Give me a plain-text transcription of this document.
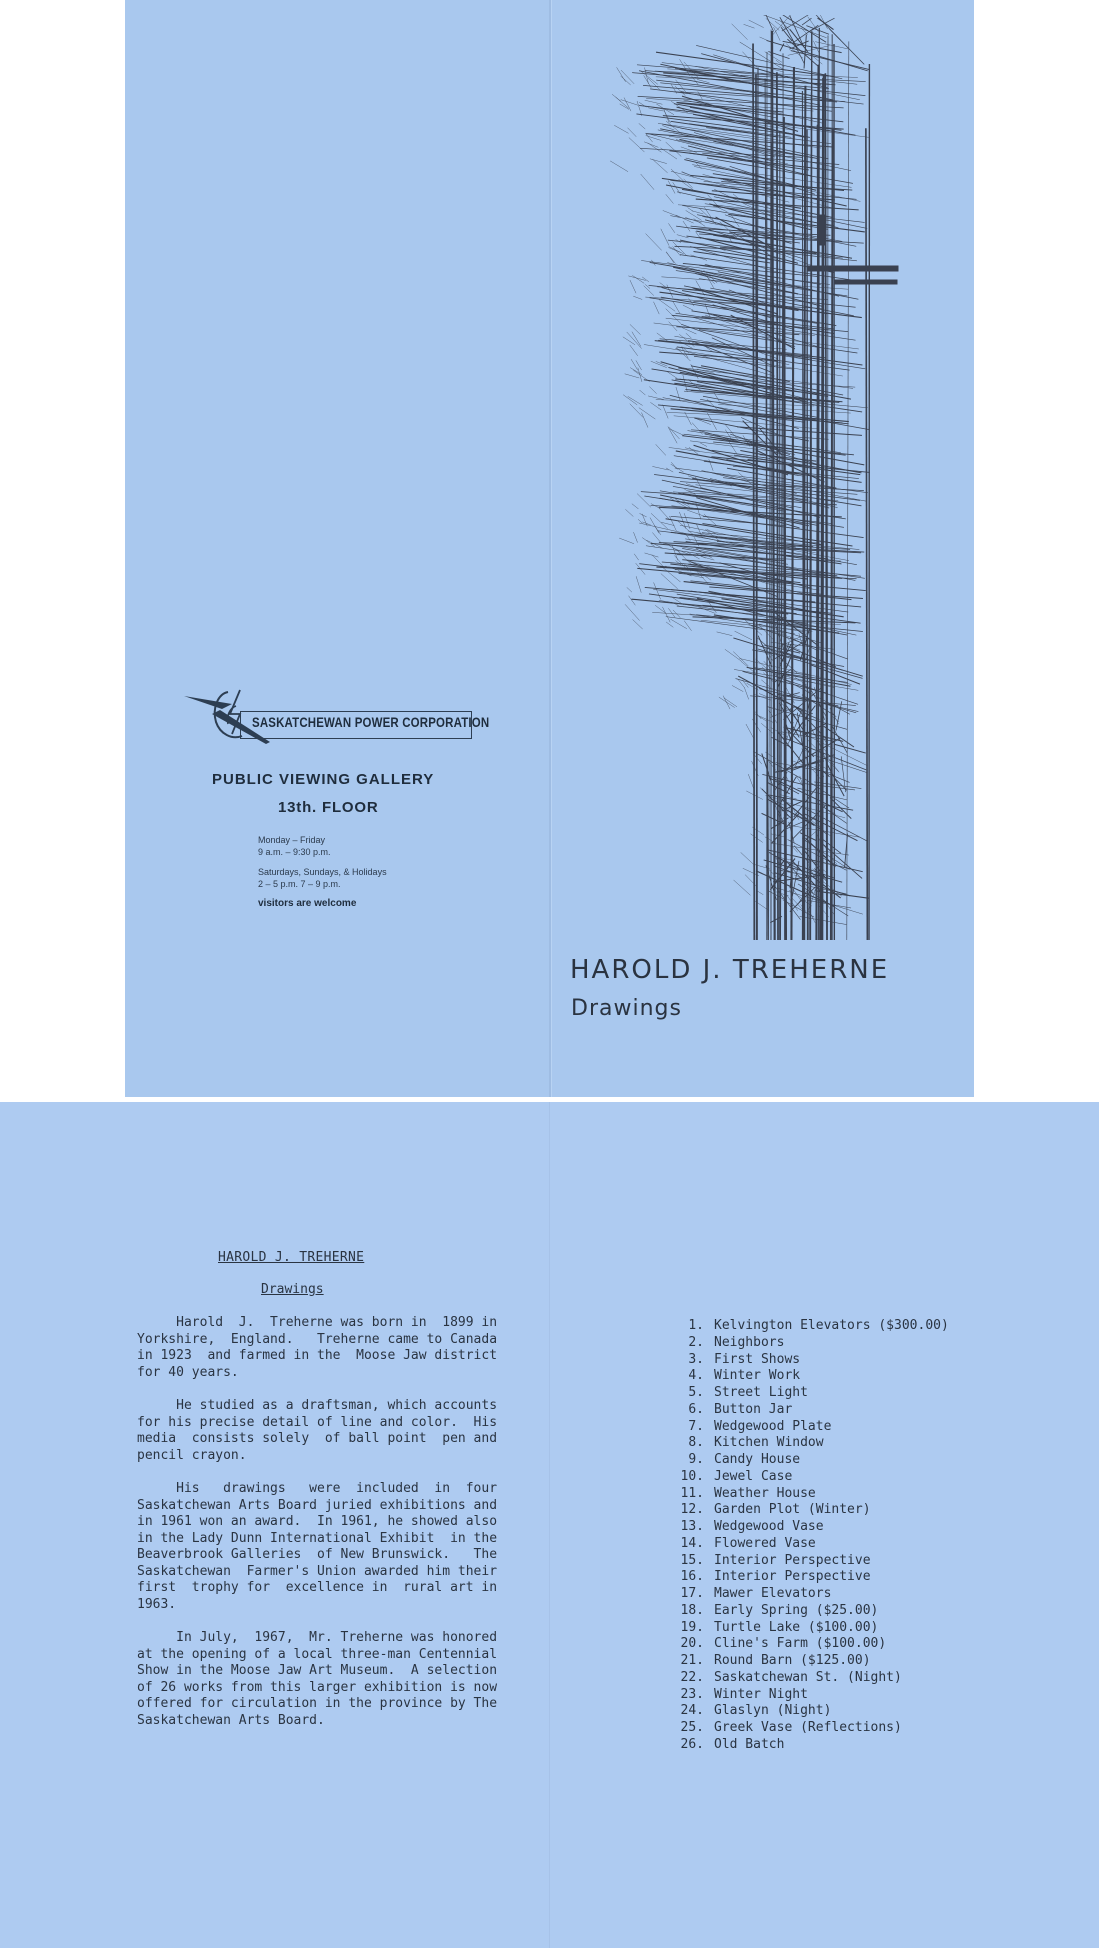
SASKATCHEWAN POWER CORPORATION
PUBLIC VIEWING GALLERY
13th. FLOOR
Monday – Friday
9 a.m. – 9:30 p.m.
Saturdays, Sundays, & Holidays
2 – 5 p.m. 7 – 9 p.m.
visitors are welcome
HAROLD J. TREHERNE
Drawings
HAROLD J. TREHERNE
Drawings

Harold  J.  Treherne was born in  1899 in
Yorkshire,  England.   Treherne came to Canada
in 1923  and farmed in the  Moose Jaw district
for 40 years.

He studied as a draftsman, which accounts
for his precise detail of line and color.  His
media  consists solely  of ball point  pen and
pencil crayon.

His   drawings   were  included  in  four
Saskatchewan Arts Board juried exhibitions and
in 1961 won an award.  In 1961, he showed also
in the Lady Dunn International Exhibit  in the
Beaverbrook Galleries  of New Brunswick.   The
Saskatchewan  Farmer's Union awarded him their
first  trophy for  excellence in  rural art in
1963.

In July,  1967,  Mr. Treherne was honored
at the opening of a local three-man Centennial
Show in the Moose Jaw Art Museum.  A selection
of 26 works from this larger exhibition is now
offered for circulation in the province by The
Saskatchewan Arts Board.

1. Kelvington Elevators ($300.00)
2. Neighbors
3. First Shows
4. Winter Work
5. Street Light
6. Button Jar
7. Wedgewood Plate
8. Kitchen Window
9. Candy House
10. Jewel Case
11. Weather House
12. Garden Plot (Winter)
13. Wedgewood Vase
14. Flowered Vase
15. Interior Perspective
16. Interior Perspective
17. Mawer Elevators
18. Early Spring ($25.00)
19. Turtle Lake ($100.00)
20. Cline's Farm ($100.00)
21. Round Barn ($125.00)
22. Saskatchewan St. (Night)
23. Winter Night
24. Glaslyn (Night)
25. Greek Vase (Reflections)
26. Old Batch
